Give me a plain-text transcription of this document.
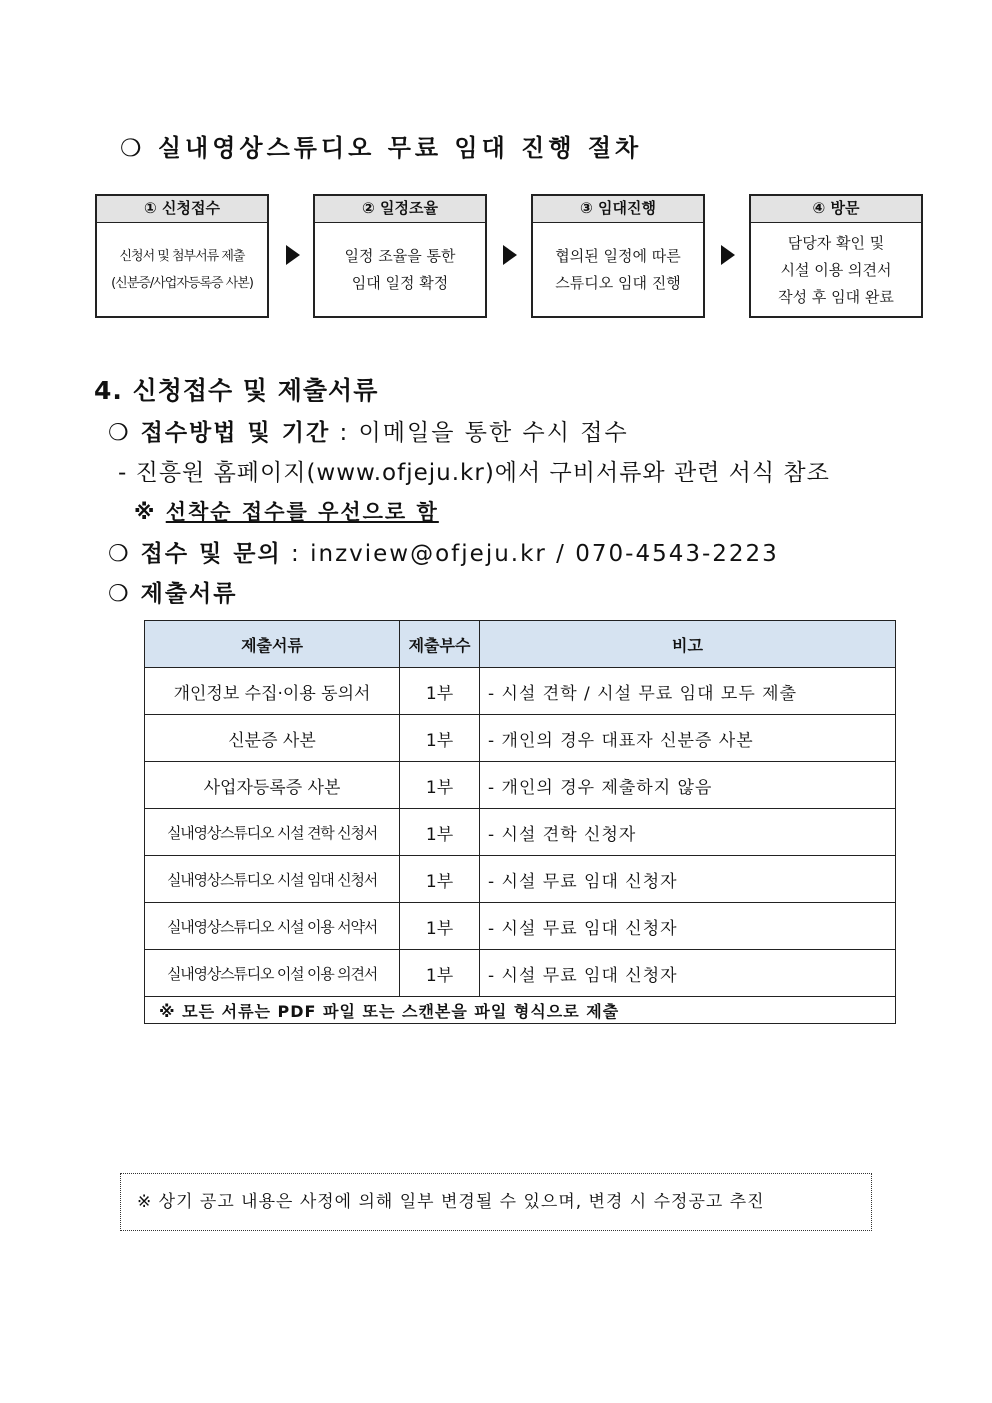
❍ 실내영상스튜디오 무료 임대 진행 절차
① 신청접수
신청서 및 첨부서류 제출
(신분증/사업자등록증 사본)
② 일정조율
일정 조율을 통한
임대 일정 확정
③ 임대진행
협의된 일정에 따른
스튜디오 임대 진행
④ 방문
담당자 확인 및
시설 이용 의견서
작성 후 임대 완료
4. 신청접수 및 제출서류
❍ 접수방법 및 기간 : 이메일을 통한 수시 접수
- 진흥원 홈페이지(www.ofjeju.kr)에서 구비서류와 관련 서식 참조
※ 선착순 접수를 우선으로 함
❍ 접수 및 문의 : inzview@ofjeju.kr / 070-4543-2223
❍ 제출서류
제출서류	제출부수	비고
개인정보 수집·이용 동의서	1부	- 시설 견학 / 시설 무료 임대 모두 제출
신분증 사본	1부	- 개인의 경우 대표자 신분증 사본
사업자등록증 사본	1부	- 개인의 경우 제출하지 않음
실내영상스튜디오 시설 견학 신청서	1부	- 시설 견학 신청자
실내영상스튜디오 시설 임대 신청서	1부	- 시설 무료 임대 신청자
실내영상스튜디오 시설 이용 서약서	1부	- 시설 무료 임대 신청자
실내영상스튜디오 이설 이용 의견서	1부	- 시설 무료 임대 신청자
※ 모든 서류는 PDF 파일 또는 스캔본을 파일 형식으로 제출		
※ 상기 공고 내용은 사정에 의해 일부 변경될 수 있으며, 변경 시 수정공고 추진
